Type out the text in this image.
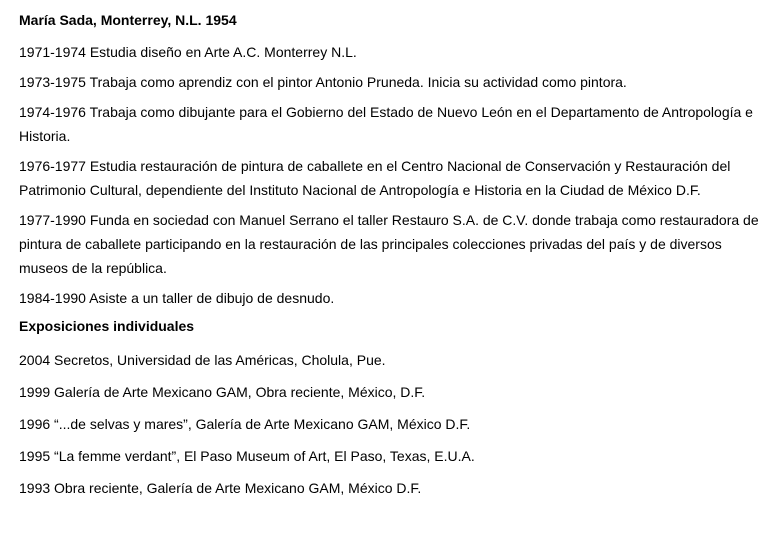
María Sada, Monterrey, N.L. 1954
1971-1974 Estudia diseño en Arte A.C. Monterrey N.L.
1973-1975 Trabaja como aprendiz con el pintor Antonio Pruneda. Inicia su actividad como pintora.
1974-1976 Trabaja como dibujante para el Gobierno del Estado de Nuevo León en el Departamento de Antropología e Historia.
1976-1977 Estudia restauración de pintura de caballete en el Centro Nacional de Conservación y Restauración del Patrimonio Cultural, dependiente del Instituto Nacional de Antropología e Historia en la Ciudad de México D.F.
1977-1990 Funda en sociedad con Manuel Serrano el taller Restauro S.A. de C.V. donde trabaja como restauradora de pintura de caballete participando en la restauración de las principales colecciones privadas del país y de diversos museos de la república.
1984-1990 Asiste a un taller de dibujo de desnudo.
Exposiciones individuales
2004 Secretos, Universidad de las Américas, Cholula, Pue.
1999 Galería de Arte Mexicano GAM, Obra reciente, México, D.F.
1996 “...de selvas y mares”, Galería de Arte Mexicano GAM, México D.F.
1995 “La femme verdant”, El Paso Museum of Art, El Paso, Texas, E.U.A.
1993 Obra reciente, Galería de Arte Mexicano GAM, México D.F.
